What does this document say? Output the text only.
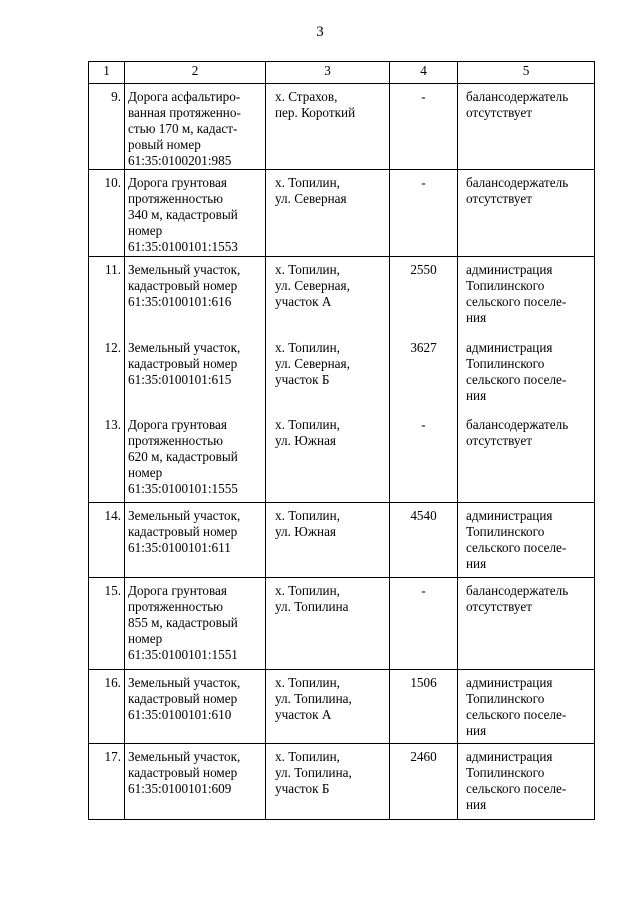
3
1	2	3	4	5
9.	Дорога асфальтиро-
ванная протяженно-
стью 170 м, кадаст-
ровый номер
61:35:0100201:985	х. Страхов,
пер. Короткий	-	балансодержатель
отсутствует
10.	Дорога грунтовая
протяженностью
340 м, кадастровый
номер
61:35:0100101:1553	х. Топилин,
ул. Северная	-	балансодержатель
отсутствует
11.	Земельный участок,
кадастровый номер
61:35:0100101:616	х. Топилин,
ул. Северная,
участок А	2550	администрация
Топилинского
сельского поселе-
ния
12.	Земельный участок,
кадастровый номер
61:35:0100101:615	х. Топилин,
ул. Северная,
участок Б	3627	администрация
Топилинского
сельского поселе-
ния
13.	Дорога грунтовая
протяженностью
620 м, кадастровый
номер
61:35:0100101:1555	х. Топилин,
ул. Южная	-	балансодержатель
отсутствует
14.	Земельный участок,
кадастровый номер
61:35:0100101:611	х. Топилин,
ул. Южная	4540	администрация
Топилинского
сельского поселе-
ния
15.	Дорога грунтовая
протяженностью
855 м, кадастровый
номер
61:35:0100101:1551	х. Топилин,
ул. Топилина	-	балансодержатель
отсутствует
16.	Земельный участок,
кадастровый номер
61:35:0100101:610	х. Топилин,
ул. Топилина,
участок А	1506	администрация
Топилинского
сельского поселе-
ния
17.	Земельный участок,
кадастровый номер
61:35:0100101:609	х. Топилин,
ул. Топилина,
участок Б	2460	администрация
Топилинского
сельского поселе-
ния
